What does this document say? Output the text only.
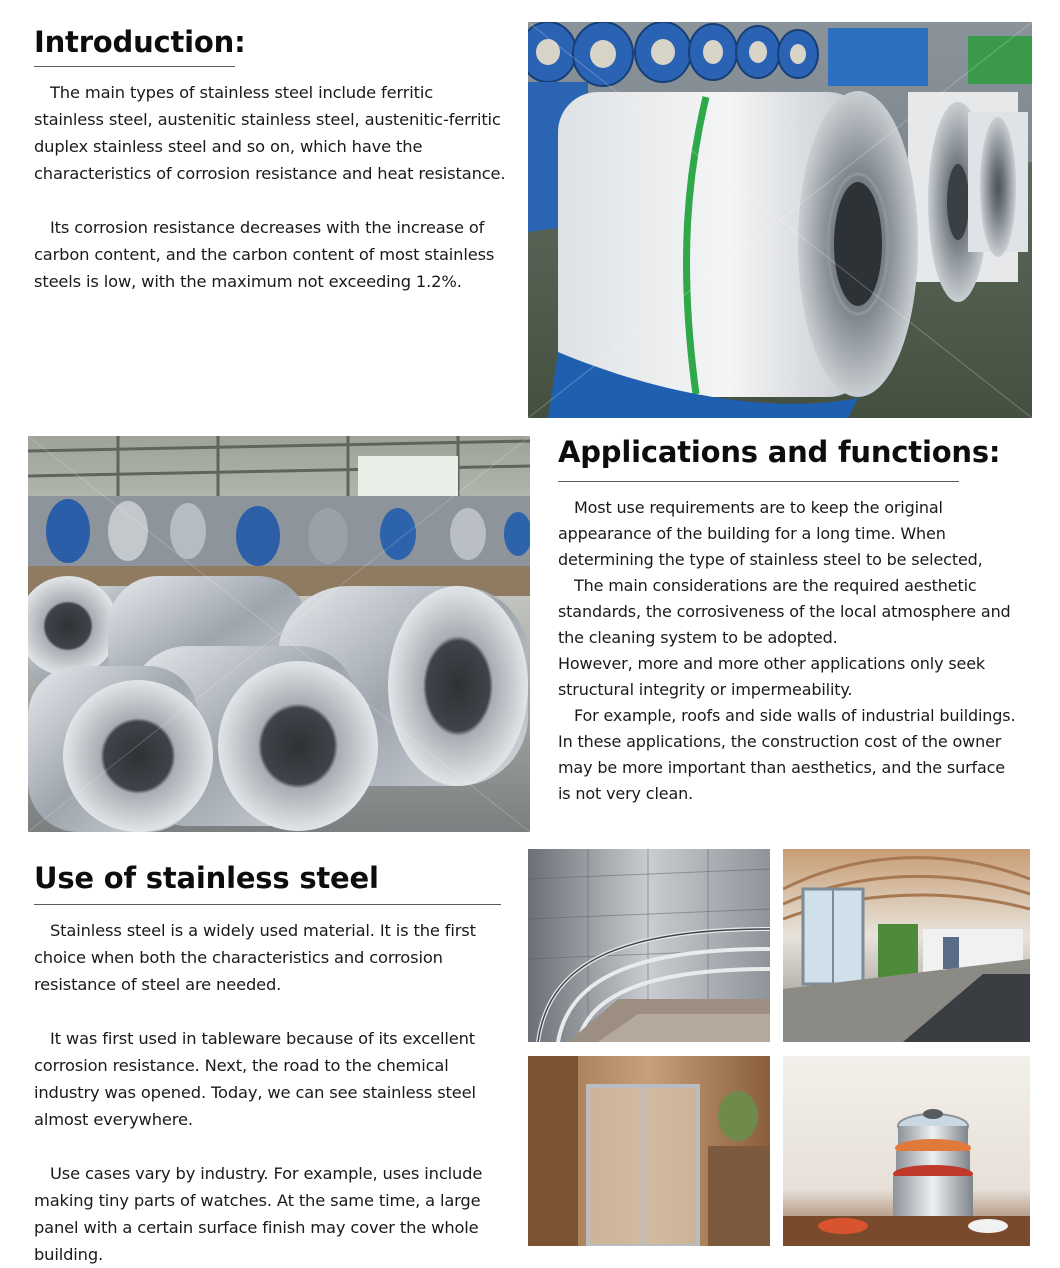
Introduction:

The main types of stainless steel include ferritic stainless steel, austenitic stainless steel, austenitic-ferritic duplex stainless steel and so on, which have the characteristics of corrosion resistance and heat resistance.

Its corrosion resistance decreases with the increase of carbon content, and the carbon content of most stainless steels is low, with the maximum not exceeding 1.2%.

Applications and functions:

Most use requirements are to keep the original appearance of the building for a long time. When determining the type of stainless steel to be selected,

The main considerations are the required aesthetic standards, the corrosiveness of the local atmosphere and the cleaning system to be adopted.

However, more and more other applications only seek structural integrity or impermeability.

For example, roofs and side walls of industrial buildings. In these applications, the construction cost of the owner may be more important than aesthetics, and the surface is not very clean.

Use of stainless steel

Stainless steel is a widely used material. It is the first choice when both the characteristics and corrosion resistance of steel are needed.

It was first used in tableware because of its excellent corrosion resistance. Next, the road to the chemical industry was opened. Today, we can see stainless steel almost everywhere.

Use cases vary by industry. For example, uses include making tiny parts of watches. At the same time, a large panel with a certain surface finish may cover the whole building.
